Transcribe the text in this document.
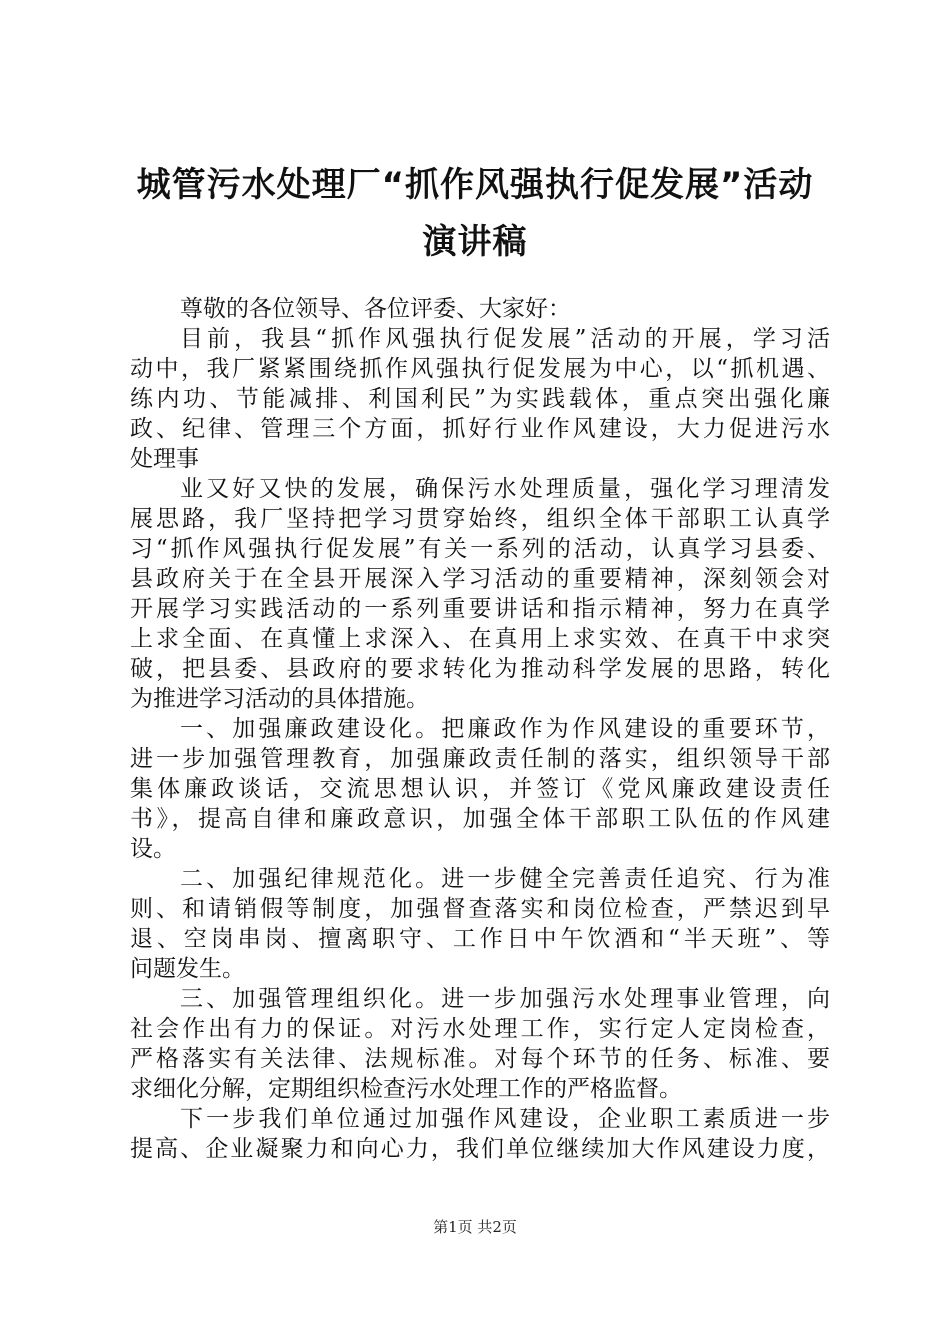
城管污水处理厂“抓作风强执行促发展”活动
演讲稿
尊敬的各位领导、各位评委、大家好：
目前，我县“抓作风强执行促发展”活动的开展，学习活
动中，我厂紧紧围绕抓作风强执行促发展为中心，以“抓机遇、
练内功、节能减排、利国利民”为实践载体，重点突出强化廉
政、纪律、管理三个方面，抓好行业作风建设，大力促进污水
处理事
业又好又快的发展，确保污水处理质量，强化学习理清发
展思路，我厂坚持把学习贯穿始终，组织全体干部职工认真学
习“抓作风强执行促发展”有关一系列的活动，认真学习县委、
县政府关于在全县开展深入学习活动的重要精神，深刻领会对
开展学习实践活动的一系列重要讲话和指示精神，努力在真学
上求全面、在真懂上求深入、在真用上求实效、在真干中求突
破，把县委、县政府的要求转化为推动科学发展的思路，转化
为推进学习活动的具体措施。
一、加强廉政建设化。把廉政作为作风建设的重要环节，
进一步加强管理教育，加强廉政责任制的落实，组织领导干部
集体廉政谈话，交流思想认识，并签订《党风廉政建设责任
书》，提高自律和廉政意识，加强全体干部职工队伍的作风建
设。
二、加强纪律规范化。进一步健全完善责任追究、行为准
则、和请销假等制度，加强督查落实和岗位检查，严禁迟到早
退、空岗串岗、擅离职守、工作日中午饮酒和“半天班”、等
问题发生。
三、加强管理组织化。进一步加强污水处理事业管理，向
社会作出有力的保证。对污水处理工作，实行定人定岗检查，
严格落实有关法律、法规标准。对每个环节的任务、标准、要
求细化分解，定期组织检查污水处理工作的严格监督。
下一步我们单位通过加强作风建设，企业职工素质进一步
提高、企业凝聚力和向心力，我们单位继续加大作风建设力度，
第1页 共2页
